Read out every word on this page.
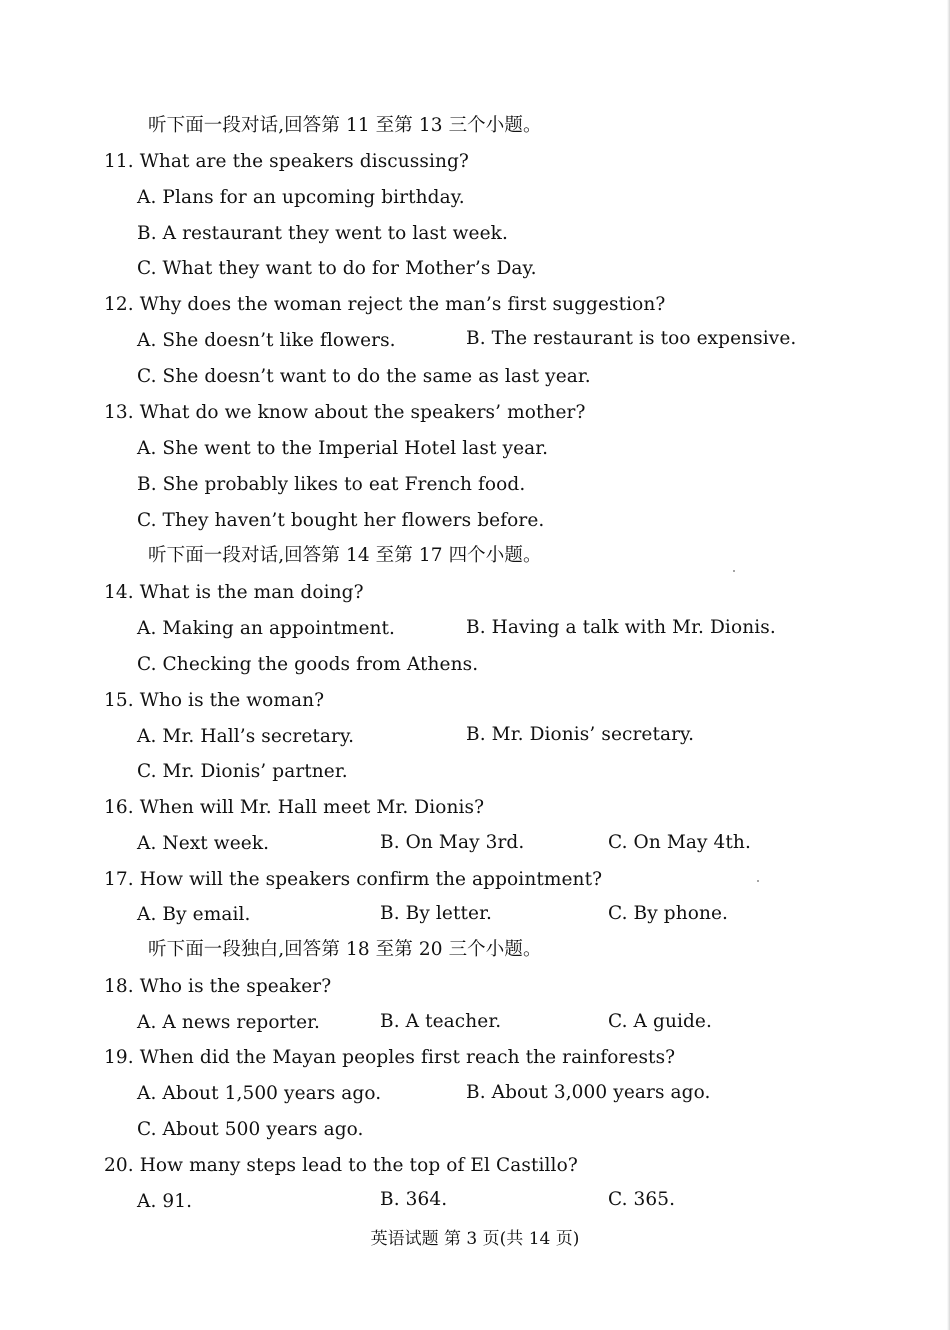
听下面一段对话,回答第 11 至第 13 三个小题。
11. What are the speakers discussing?
A. Plans for an upcoming birthday.
B. A restaurant they went to last week.
C. What they want to do for Mother’s Day.
12. Why does the woman reject the man’s first suggestion?
A. She doesn’t like flowers.	B. The restaurant is too expensive.
C. She doesn’t want to do the same as last year.
13. What do we know about the speakers’ mother?
A. She went to the Imperial Hotel last year.
B. She probably likes to eat French food.
C. They haven’t bought her flowers before.
听下面一段对话,回答第 14 至第 17 四个小题。
14. What is the man doing?
A. Making an appointment.	B. Having a talk with Mr. Dionis.
C. Checking the goods from Athens.
15. Who is the woman?
A. Mr. Hall’s secretary.	B. Mr. Dionis’ secretary.
C. Mr. Dionis’ partner.
16. When will Mr. Hall meet Mr. Dionis?
A. Next week.	B. On May 3rd.	C. On May 4th.
17. How will the speakers confirm the appointment?
A. By email.	B. By letter.	C. By phone.
听下面一段独白,回答第 18 至第 20 三个小题。
18. Who is the speaker?
A. A news reporter.	B. A teacher.	C. A guide.
19. When did the Mayan peoples first reach the rainforests?
A. About 1,500 years ago.	B. About 3,000 years ago.
C. About 500 years ago.
20. How many steps lead to the top of El Castillo?
A. 91.	B. 364.	C. 365.
英语试题 第 3 页(共 14 页)
